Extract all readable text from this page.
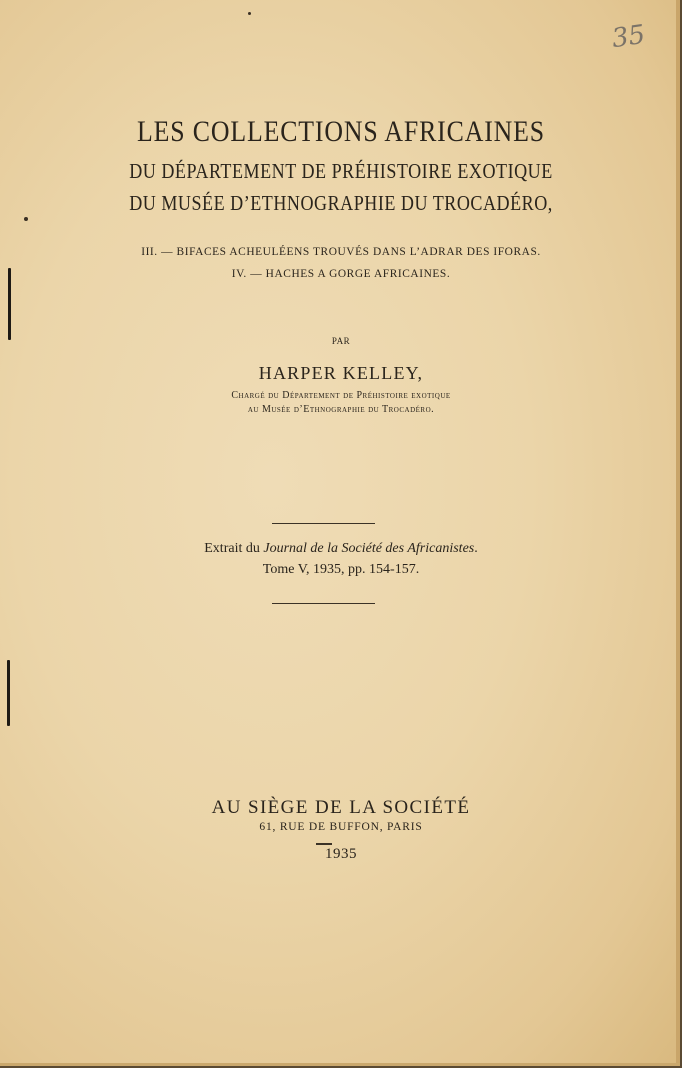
35
LES COLLECTIONS AFRICAINES
DU DÉPARTEMENT DE PRÉHISTOIRE EXOTIQUE
DU MUSÉE D’ETHNOGRAPHIE DU TROCADÉRO,
III. — BIFACES ACHEULÉENS TROUVÉS DANS L’ADRAR DES IFORAS.
IV. — HACHES A GORGE AFRICAINES.
PAR
HARPER KELLEY,
Chargé du Département de Préhistoire exotique
au Musée d’Ethnographie du Trocadéro.
Extrait du Journal de la Société des Africanistes.
Tome V, 1935, pp. 154-157.
AU SIÈGE DE LA SOCIÉTÉ
61, RUE DE BUFFON, PARIS
1935
